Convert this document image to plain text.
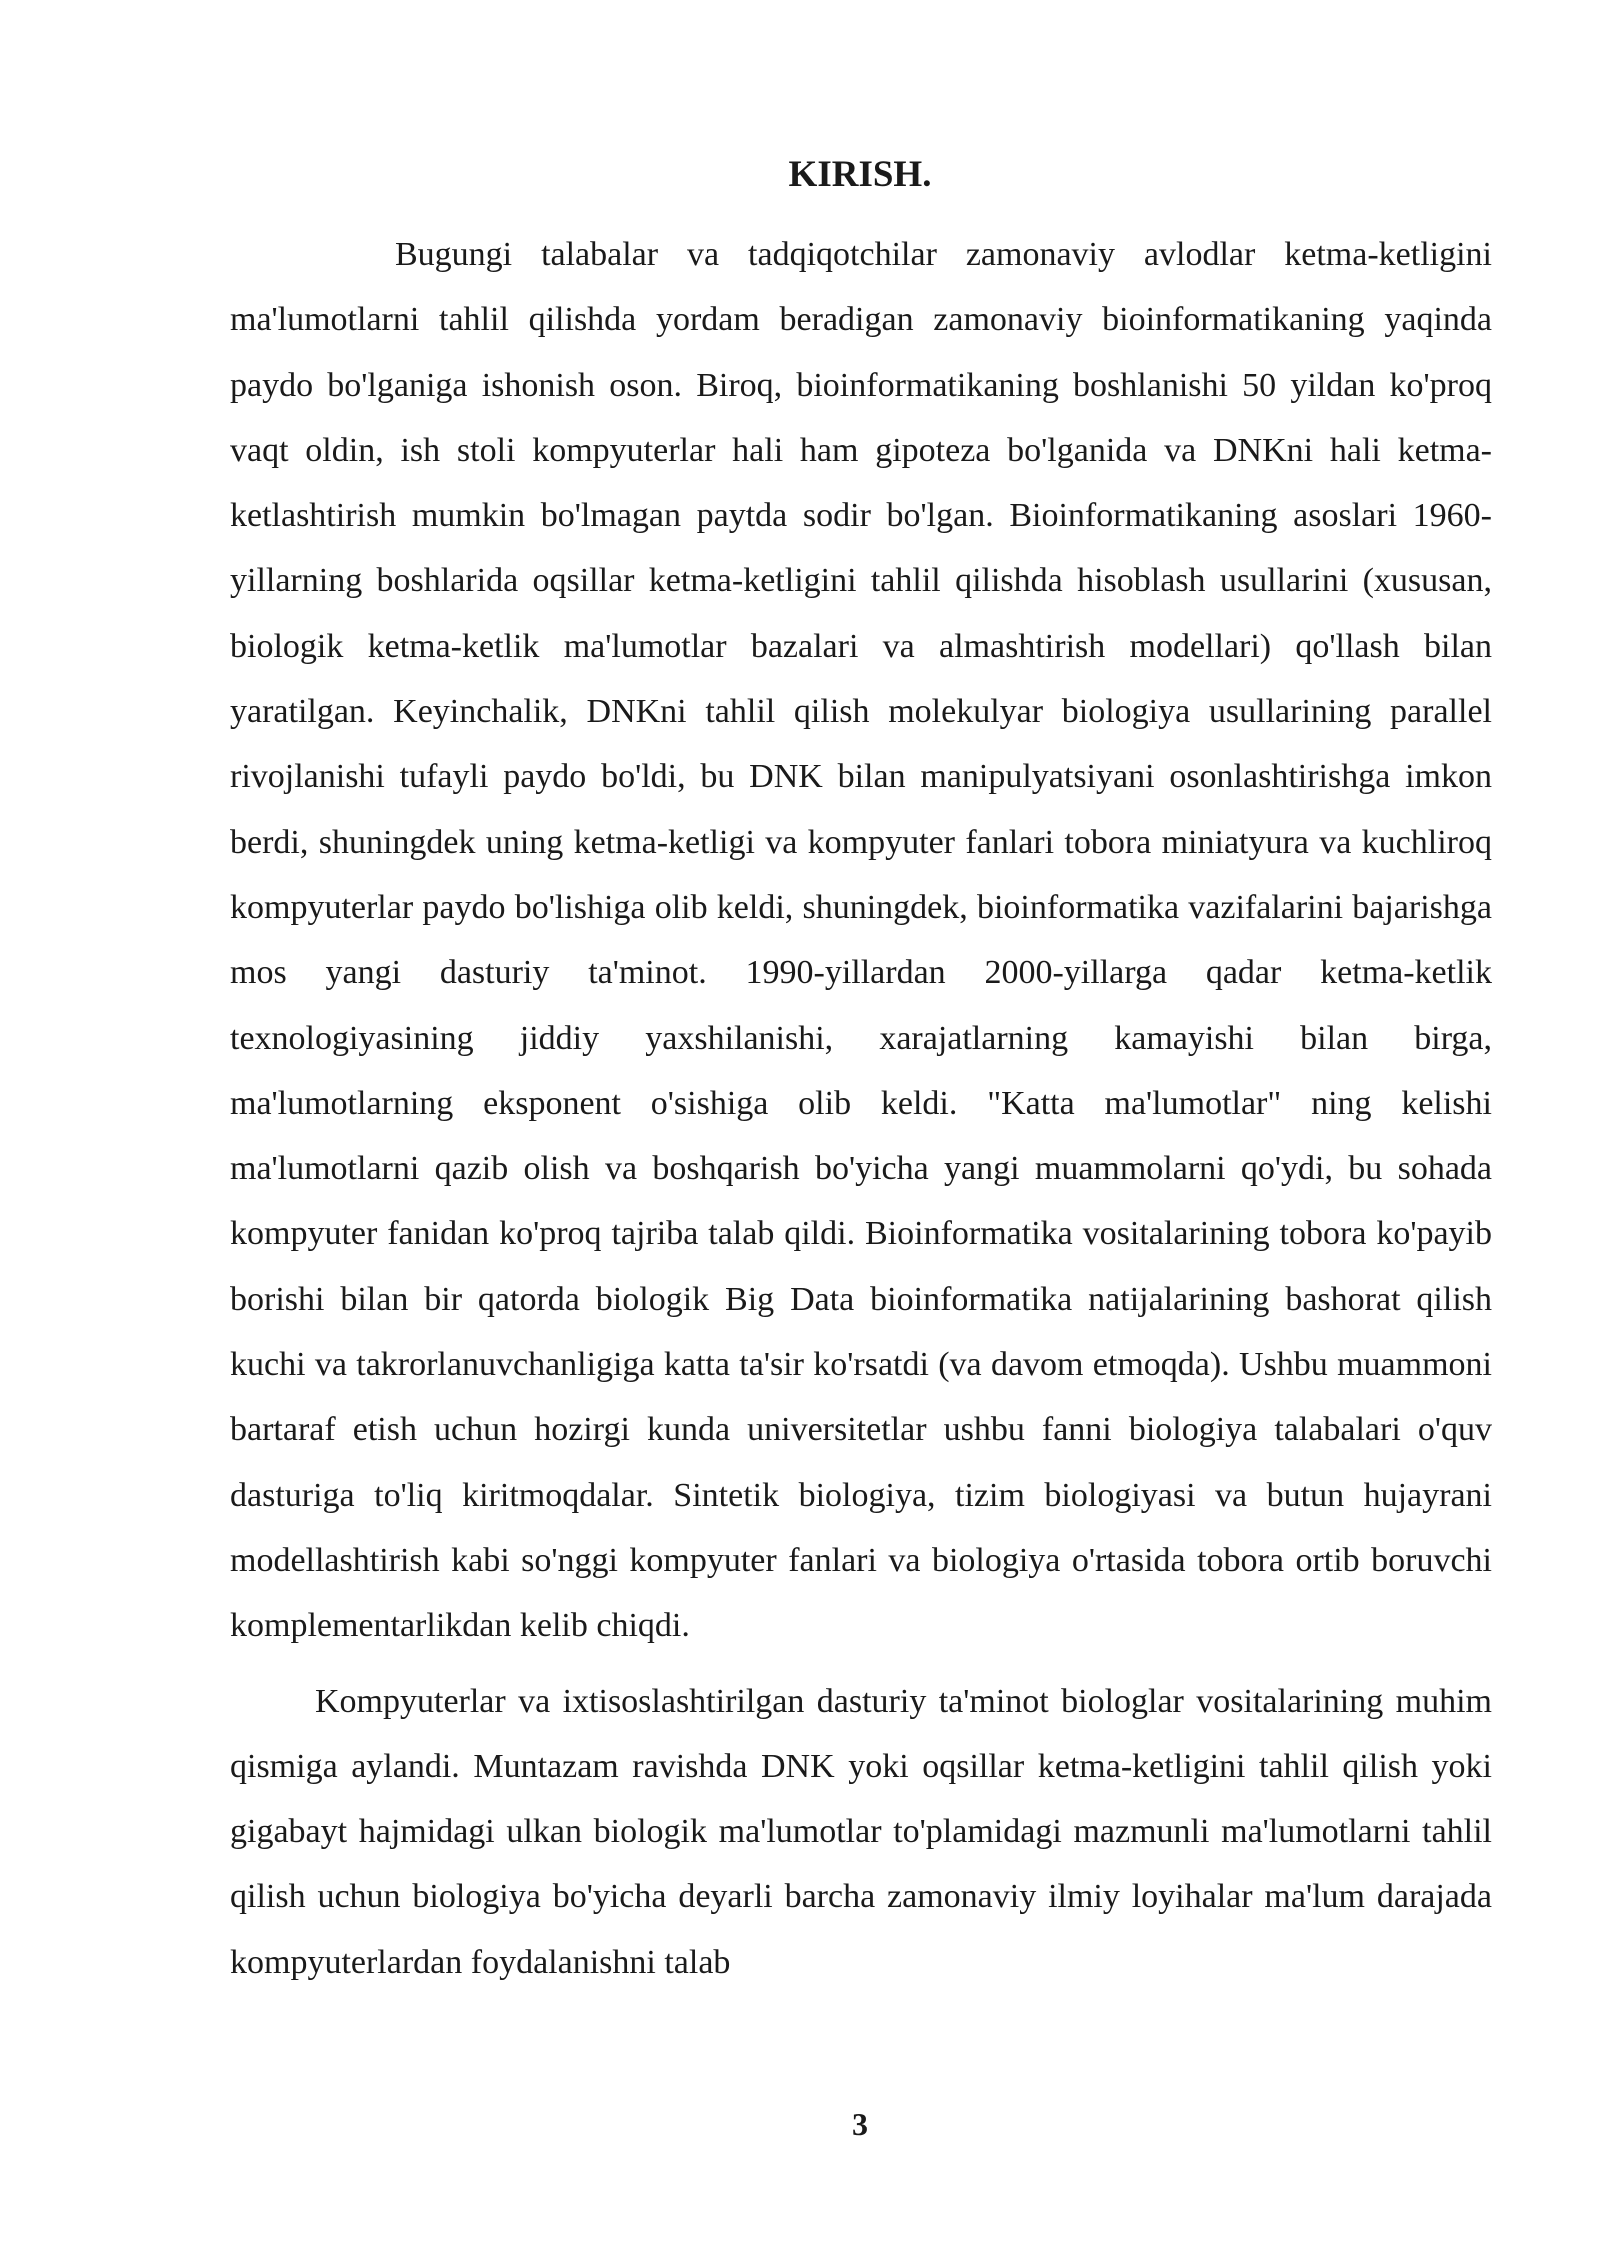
KIRISH.

Bugungi talabalar va tadqiqotchilar zamonaviy avlodlar ketma-ketligini ma'lumotlarni tahlil qilishda yordam beradigan zamonaviy bioinformatikaning yaqinda paydo bo'lganiga ishonish oson. Biroq, bioinformatikaning boshlanishi 50 yildan ko'proq vaqt oldin, ish stoli kompyuterlar hali ham gipoteza bo'lganida va DNKni hali ketma-ketlashtirish mumkin bo'lmagan paytda sodir bo'lgan. Bioinformatikaning asoslari 1960-yillarning boshlarida oqsillar ketma-ketligini tahlil qilishda hisoblash usullarini (xususan, biologik ketma-ketlik ma'lumotlar bazalari va almashtirish modellari) qo'llash bilan yaratilgan. Keyinchalik, DNKni tahlil qilish molekulyar biologiya usullarining parallel rivojlanishi tufayli paydo bo'ldi, bu DNK bilan manipulyatsiyani osonlashtirishga imkon berdi, shuningdek uning ketma-ketligi va kompyuter fanlari tobora miniatyura va kuchliroq kompyuterlar paydo bo'lishiga olib keldi, shuningdek, bioinformatika vazifalarini bajarishga mos yangi dasturiy ta'minot. 1990-yillardan 2000-yillarga qadar ketma-ketlik texnologiyasining jiddiy yaxshilanishi, xarajatlarning kamayishi bilan birga, ma'lumotlarning eksponent o'sishiga olib keldi. "Katta ma'lumotlar" ning kelishi ma'lumotlarni qazib olish va boshqarish bo'yicha yangi muammolarni qo'ydi, bu sohada kompyuter fanidan ko'proq tajriba talab qildi. Bioinformatika vositalarining tobora ko'payib borishi bilan bir qatorda biologik Big Data bioinformatika natijalarining bashorat qilish kuchi va takrorlanuvchanligiga katta ta'sir ko'rsatdi (va davom etmoqda). Ushbu muammoni bartaraf etish uchun hozirgi kunda universitetlar ushbu fanni biologiya talabalari o'quv dasturiga to'liq kiritmoqdalar. Sintetik biologiya, tizim biologiyasi va butun hujayrani modellashtirish kabi so'nggi kompyuter fanlari va biologiya o'rtasida tobora ortib boruvchi komplementarlikdan kelib chiqdi.

Kompyuterlar va ixtisoslashtirilgan dasturiy ta'minot biologlar vositalarining muhim qismiga aylandi. Muntazam ravishda DNK yoki oqsillar ketma-ketligini tahlil qilish yoki gigabayt hajmidagi ulkan biologik ma'lumotlar to'plamidagi mazmunli ma'lumotlarni tahlil qilish uchun biologiya bo'yicha deyarli barcha zamonaviy ilmiy loyihalar ma'lum darajada kompyuterlardan foydalanishni talab

3
